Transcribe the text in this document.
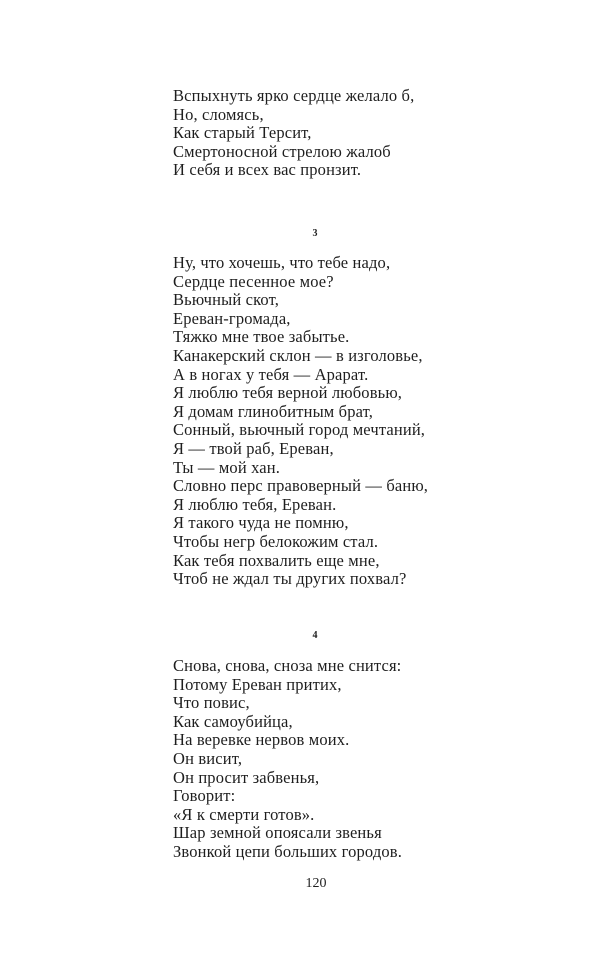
Вспыхнуть ярко сердце желало б,
Но, сломясь,
Как старый Терсит,
Смертоносной стрелою жалоб
И себя и всех вас пронзит.
3
Ну, что хочешь, что тебе надо,
Сердце песенное мое?
Вьючный скот,
Ереван-громада,
Тяжко мне твое забытье.
Канакерский склон — в изголовье,
А в ногах у тебя — Арарат.
Я люблю тебя верной любовью,
Я домам глинобитным брат,
Сонный, вьючный город мечтаний,
Я — твой раб, Ереван,
Ты — мой хан.
Словно перс правоверный — баню,
Я люблю тебя, Ереван.
Я такого чуда не помню,
Чтобы негр белокожим стал.
Как тебя похвалить еще мне,
Чтоб не ждал ты других похвал?
4
Снова, снова, сноза мне снится:
Потому Ереван притих,
Что повис,
Как самоубийца,
На веревке нервов моих.
Он висит,
Он просит забвенья,
Говорит:
«Я к смерти готов».
Шар земной опоясали звенья
Звонкой цепи больших городов.
120
